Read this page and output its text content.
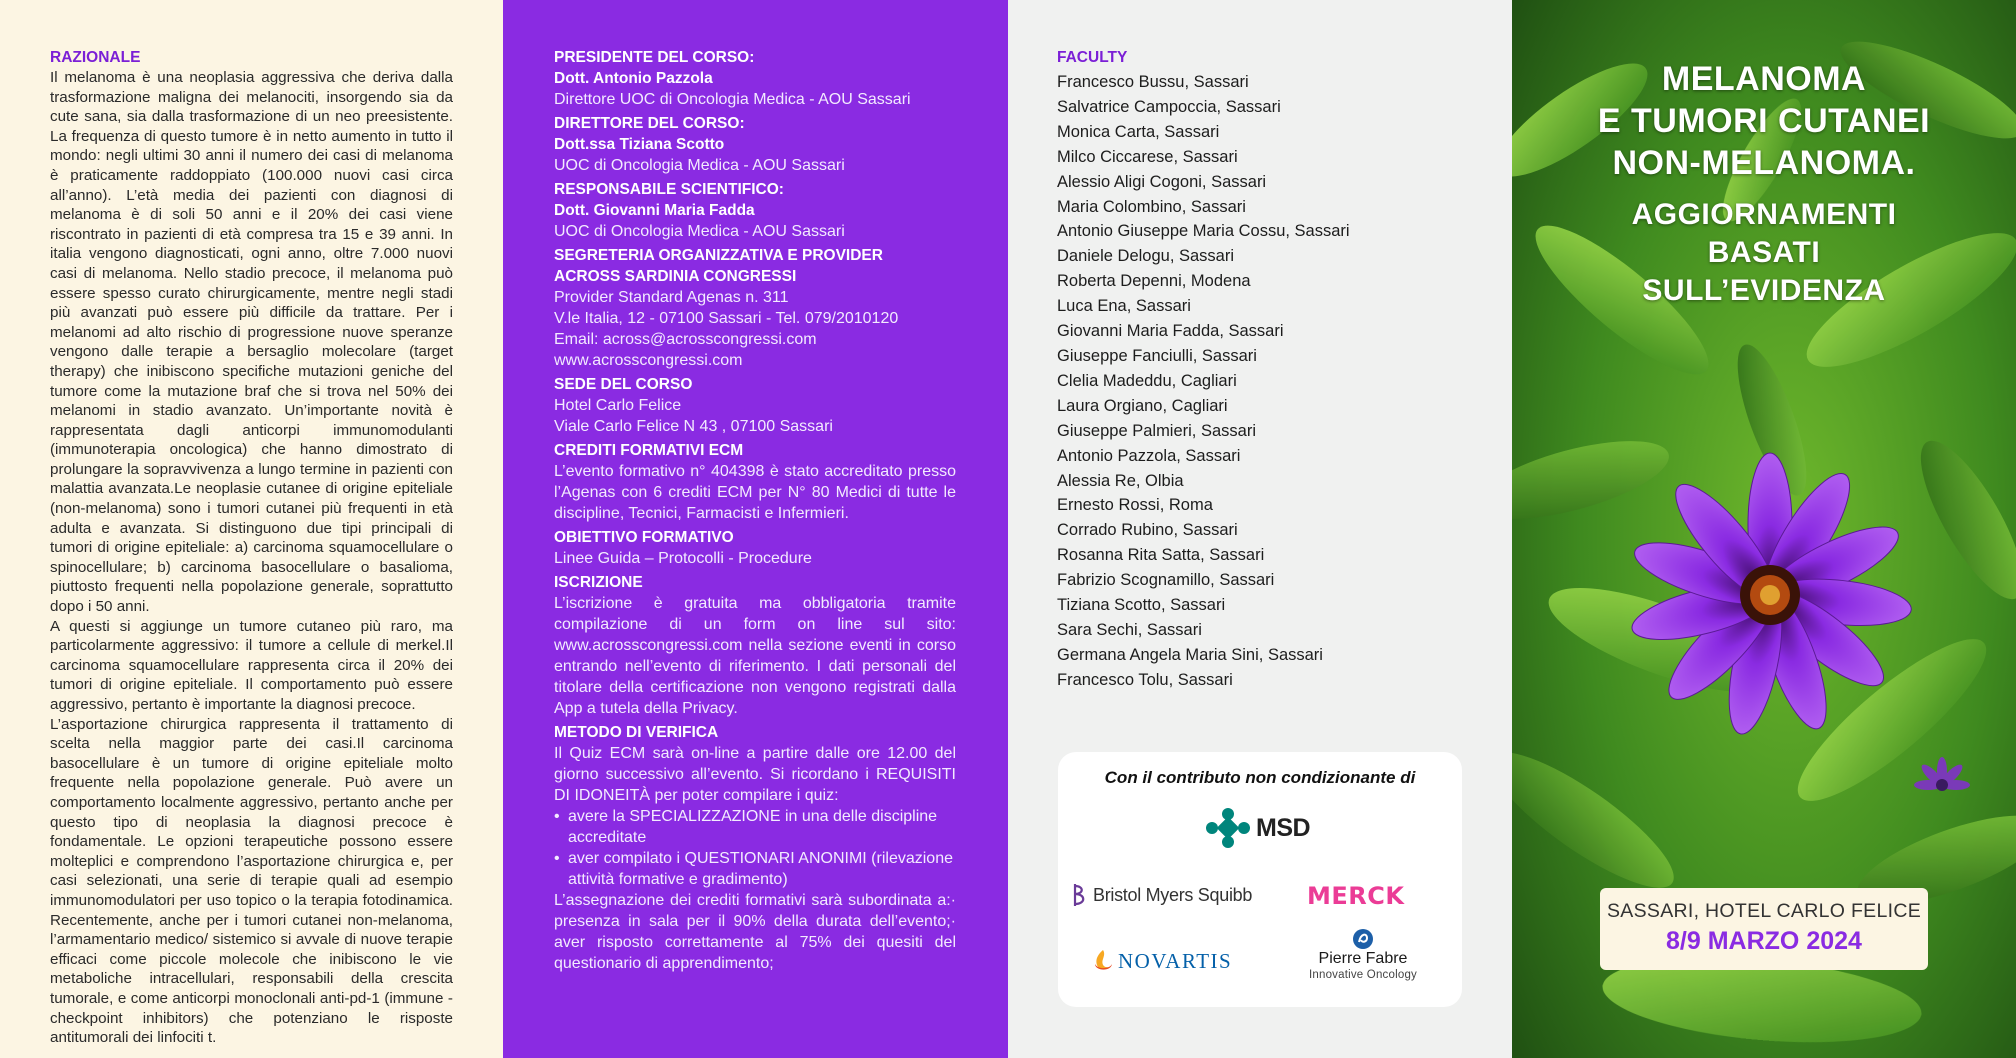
RAZIONALE

Il melanoma è una neoplasia aggressiva che deriva dalla trasformazione maligna dei melanociti, insorgendo sia da cute sana, sia dalla trasformazione di un neo preesistente. La frequenza di questo tumore è in netto aumento in tutto il mondo: negli ultimi 30 anni il numero dei casi di melanoma è praticamente raddoppiato (100.000 nuovi casi circa all’anno). L’età media dei pazienti con diagnosi di melanoma è di soli 50 anni e il 20% dei casi viene riscontrato in pazienti di età compresa tra 15 e 39 anni. In italia vengono diagnosticati, ogni anno, oltre 7.000 nuovi casi di melanoma. Nello stadio precoce, il melanoma può essere spesso curato chirurgicamente, mentre negli stadi più avanzati può essere più difficile da trattare. Per i melanomi ad alto rischio di progressione nuove speranze vengono dalle terapie a bersaglio molecolare (target therapy) che inibiscono specifiche mutazioni geniche del tumore come la mutazione braf che si trova nel 50% dei melanomi in stadio avanzato. Un’importante novità è rappresentata dagli anticorpi immunomodulanti (immunoterapia oncologica) che hanno dimostrato di prolungare la sopravvivenza a lungo termine in pazienti con malattia avanzata.Le neoplasie cutanee di origine epiteliale (non-melanoma) sono i tumori cutanei più frequenti in età adulta e avanzata. Si distinguono due tipi principali di tumori di origine epiteliale: a) carcinoma squamocellulare o spinocellulare; b) carcinoma basocellulare o basalioma, piuttosto frequenti nella popolazione generale, soprattutto dopo i 50 anni.

A questi si aggiunge un tumore cutaneo più raro, ma particolarmente aggressivo: il tumore a cellule di merkel.Il carcinoma squamocellulare rappresenta circa il 20% dei tumori di origine epiteliale. Il comportamento può essere aggressivo, pertanto è importante la diagnosi precoce.

L’asportazione chirurgica rappresenta il trattamento di scelta nella maggior parte dei casi.Il carcinoma basocellulare è un tumore di origine epiteliale molto frequente nella popolazione generale. Può avere un comportamento localmente aggressivo, pertanto anche per questo tipo di neoplasia la diagnosi precoce è fondamentale. Le opzioni terapeutiche possono essere molteplici e comprendono l’asportazione chirurgica e, per casi selezionati, una serie di terapie quali ad esempio immunomodulatori per uso topico o la terapia fotodinamica. Recentemente, anche per i tumori cutanei non-melanoma, l’armamentario medico/ sistemico si avvale di nuove terapie efficaci come piccole molecole che inibiscono le vie metaboliche intracellulari, responsabili della crescita tumorale, e come anticorpi monoclonali anti-pd-1 (immune - checkpoint inhibitors) che potenziano le risposte antitumorali dei linfociti t.

PRESIDENTE DEL CORSO:
Dott. Antonio Pazzola
Direttore UOC di Oncologia Medica - AOU Sassari
DIRETTORE DEL CORSO:
Dott.ssa Tiziana Scotto
UOC di Oncologia Medica - AOU Sassari
RESPONSABILE SCIENTIFICO:
Dott. Giovanni Maria Fadda
UOC di Oncologia Medica - AOU Sassari
SEGRETERIA ORGANIZZATIVA E PROVIDER
ACROSS SARDINIA CONGRESSI
Provider Standard Agenas n. 311
V.le Italia, 12 - 07100 Sassari - Tel. 079/2010120
Email: across@acrosscongressi.com
www.acrosscongressi.com
SEDE DEL CORSO
Hotel Carlo Felice
Viale Carlo Felice N 43 , 07100 Sassari
CREDITI FORMATIVI ECM
L’evento formativo n° 404398 è stato accreditato presso l’Agenas con 6 crediti ECM per N° 80 Medici di tutte le discipline, Tecnici, Farmacisti e Infermieri.
OBIETTIVO FORMATIVO
Linee Guida – Protocolli - Procedure
ISCRIZIONE
L’iscrizione è gratuita ma obbligatoria tramite compilazione di un form on line sul sito: www.acrosscongressi.com nella sezione eventi in corso entrando nell’evento di riferimento. I dati personali del titolare della certificazione non vengono registrati dalla App a tutela della Privacy.
METODO DI VERIFICA
Il Quiz ECM sarà on-line a partire dalle ore 12.00 del giorno successivo all’evento. Si ricordano i REQUISITI DI IDONEITÀ per poter compilare i quiz:
• avere la SPECIALIZZAZIONE in una delle discipline accreditate
• aver compilato i QUESTIONARI ANONIMI (rilevazione attività formative e gradimento)
L’assegnazione dei crediti formativi sarà subordinata a:· presenza in sala per il 90% della durata dell’evento;· aver risposto correttamente al 75% dei quesiti del questionario di apprendimento;
FACULTY
Francesco Bussu, Sassari
Salvatrice Campoccia, Sassari
Monica Carta, Sassari
Milco Ciccarese, Sassari
Alessio Aligi Cogoni, Sassari
Maria Colombino, Sassari
Antonio Giuseppe Maria Cossu, Sassari
Daniele Delogu, Sassari
Roberta Depenni, Modena
Luca Ena, Sassari
Giovanni Maria Fadda, Sassari
Giuseppe Fanciulli, Sassari
Clelia Madeddu, Cagliari
Laura Orgiano, Cagliari
Giuseppe Palmieri, Sassari
Antonio Pazzola, Sassari
Alessia Re, Olbia
Ernesto Rossi, Roma
Corrado Rubino, Sassari
Rosanna Rita Satta, Sassari
Fabrizio Scognamillo, Sassari
Tiziana Scotto, Sassari
Sara Sechi, Sassari
Germana Angela Maria Sini, Sassari
Francesco Tolu, Sassari
Con il contributo non condizionante di
MSD
Bristol Myers Squibb MERCK
NOVARTIS	Pierre Fabre
Innovative Oncology
MELANOMA
E TUMORI CUTANEI
NON-MELANOMA.
AGGIORNAMENTI
BASATI
SULL’EVIDENZA
SASSARI, HOTEL CARLO FELICE
8/9 MARZO 2024
